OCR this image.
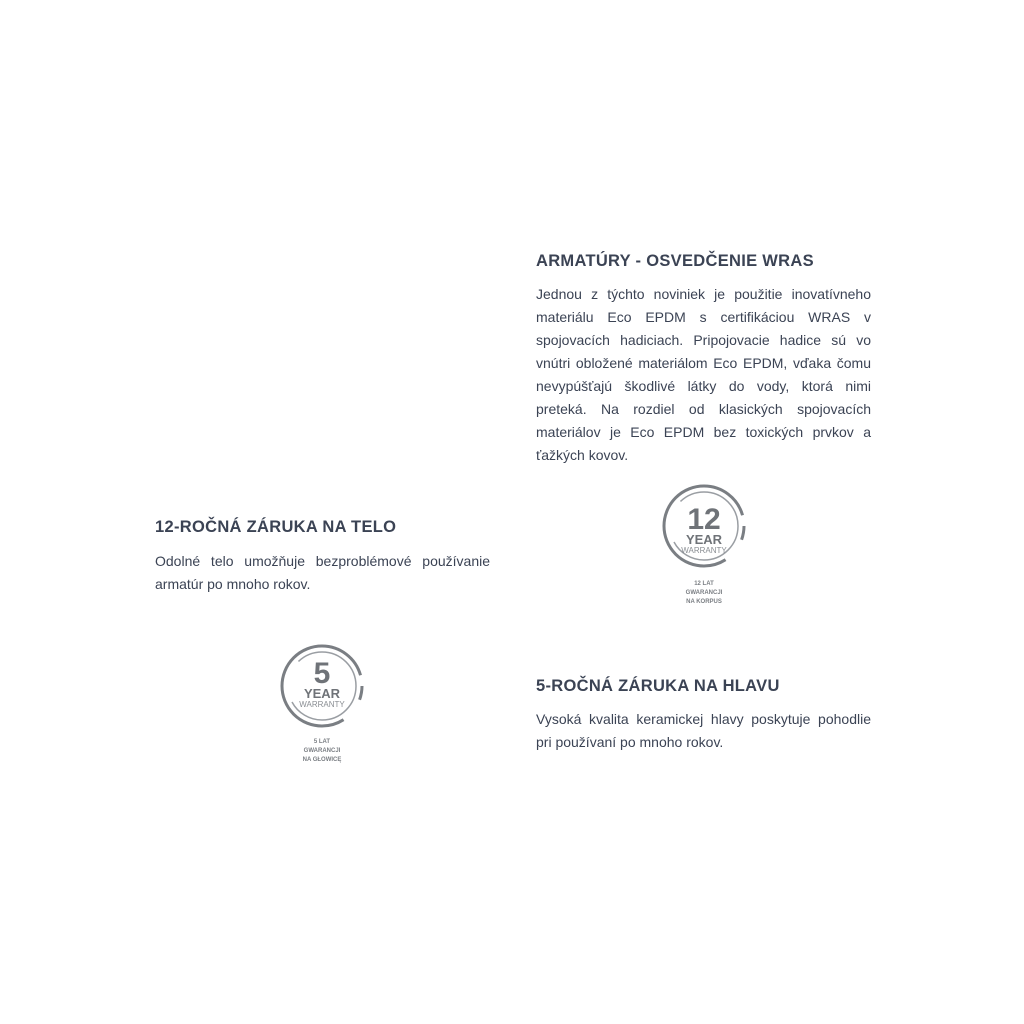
ARMATÚRY - OSVEDČENIE WRAS

Jednou z týchto noviniek je použitie inovatívneho materiálu Eco EPDM s certifikáciou WRAS v spojovacích hadiciach. Pripojovacie hadice sú vo vnútri obložené materiálom Eco EPDM, vďaka čomu nevypúšťajú škodlivé látky do vody, ktorá nimi preteká. Na rozdiel od klasických spojovacích materiálov je Eco EPDM bez toxických prvkov a ťažkých kovov.

12
YEAR
WARRANTY
12 LAT
GWARANCJI
NA KORPUS
12-ROČNÁ ZÁRUKA NA TELO

Odolné telo umožňuje bezproblémové používanie armatúr po mnoho rokov.

5
YEAR
WARRANTY
5 LAT
GWARANCJI
NA GŁOWICĘ
5-ROČNÁ ZÁRUKA NA HLAVU

Vysoká kvalita keramickej hlavy poskytuje pohodlie pri používaní po mnoho rokov.
